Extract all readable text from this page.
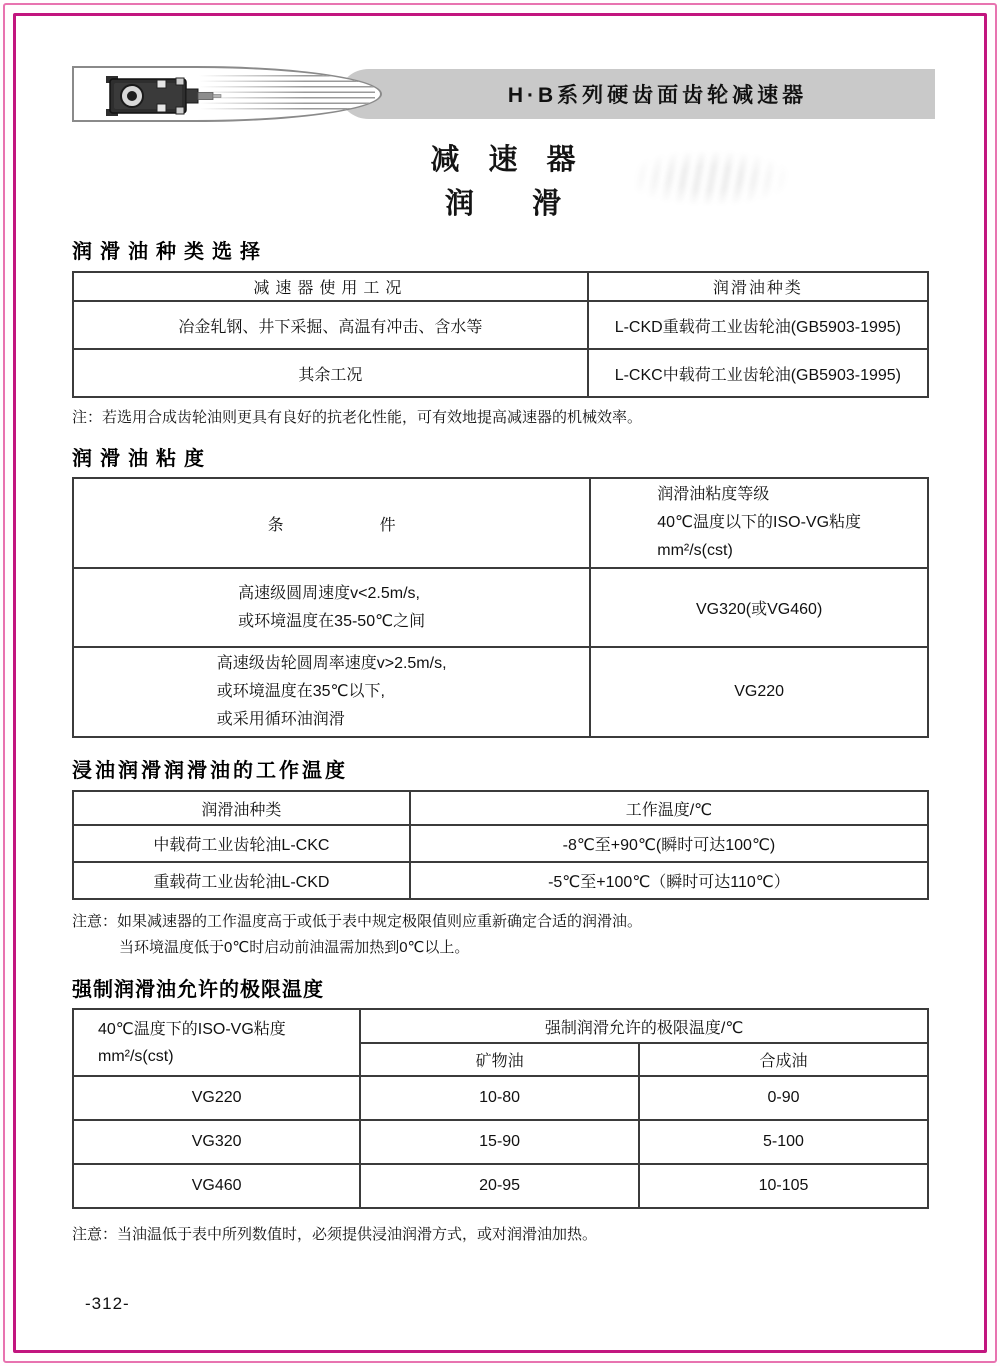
H·B系列硬齿面齿轮减速器
减　速　器
润　　滑
润滑油种类选择
减速器使用工况	润滑油种类
冶金轧钢、井下采掘、高温有冲击、含水等	L-CKD重载荷工业齿轮油(GB5903-1995)
其余工况	L-CKC中载荷工业齿轮油(GB5903-1995)
注：若选用合成齿轮油则更具有良好的抗老化性能，可有效地提高减速器的机械效率。
润滑油粘度
条　　　　　　件	润滑油粘度等级
40℃温度以下的ISO-VG粘度
mm²/s(cst)

高速级圆周速度v<2.5m/s,
或环境温度在35-50℃之间	VG320(或VG460)

高速级齿轮圆周率速度v>2.5m/s,
或环境温度在35℃以下,
或采用循环油润滑	VG220
浸油润滑润滑油的工作温度
润滑油种类	工作温度/℃
中载荷工业齿轮油L-CKC	-8℃至+90℃(瞬时可达100℃)
重载荷工业齿轮油L-CKD	-5℃至+100℃（瞬时可达110℃）
注意：如果减速器的工作温度高于或低于表中规定极限值则应重新确定合适的润滑油。
当环境温度低于0℃时启动前油温需加热到0℃以上。
强制润滑油允许的极限温度
40℃温度下的ISO-VG粘度
mm²/s(cst)	强制润滑允许的极限温度/℃	
	矿物油	合成油
VG220	10-80	0-90
VG320	15-90	5-100
VG460	20-95	10-105
注意：当油温低于表中所列数值时，必须提供浸油润滑方式，或对润滑油加热。
-312-
